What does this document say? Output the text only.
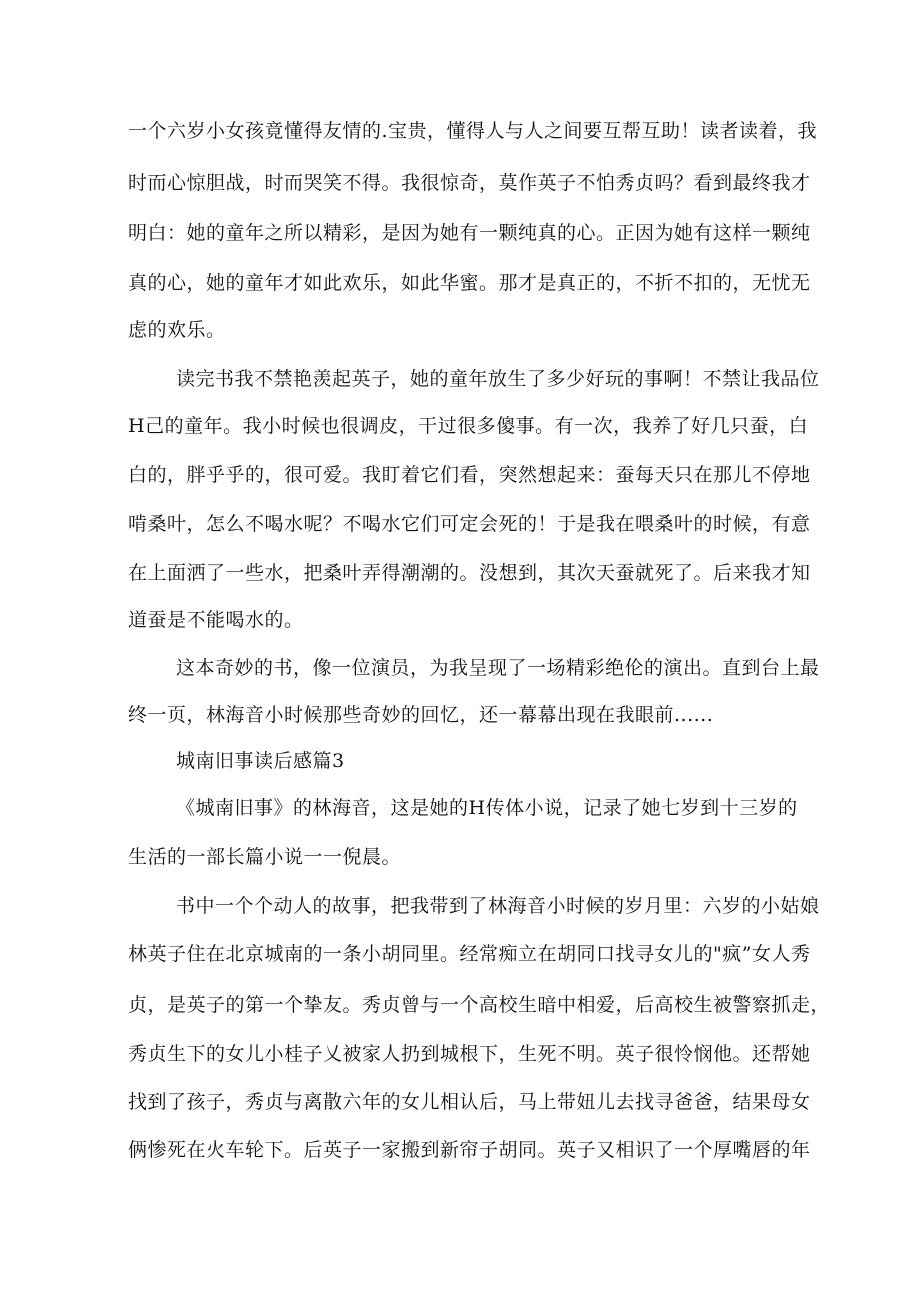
一个六岁小女孩竟懂得友情的.宝贵，懂得人与人之间要互帮互助！读者读着，我
时而心惊胆战，时而哭笑不得。我很惊奇，莫作英子不怕秀贞吗？看到最终我才
明白：她的童年之所以精彩，是因为她有一颗纯真的心。正因为她有这样一颗纯
真的心，她的童年才如此欢乐，如此华蜜。那才是真正的，不折不扣的，无忧无
虑的欢乐。
读完书我不禁艳羡起英子，她的童年放生了多少好玩的事啊！不禁让我品位
H己的童年。我小时候也很调皮，干过很多傻事。有一次，我养了好几只蚕，白
白的，胖乎乎的，很可爱。我盯着它们看，突然想起来：蚕每天只在那儿不停地
啃桑叶，怎么不喝水呢？不喝水它们可定会死的！于是我在喂桑叶的时候，有意
在上面洒了一些水，把桑叶弄得潮潮的。没想到，其次天蚕就死了。后来我才知
道蚕是不能喝水的。
这本奇妙的书，像一位演员，为我呈现了一场精彩绝伦的演出。直到台上最
终一页，林海音小时候那些奇妙的回忆，还一幕幕出现在我眼前......
城南旧事读后感篇3
《城南旧事》的林海音，这是她的H传体小说，记录了她七岁到十三岁的
生活的一部长篇小说一一倪晨。
书中一个个动人的故事，把我带到了林海音小时候的岁月里：六岁的小姑娘
林英子住在北京城南的一条小胡同里。经常痴立在胡同口找寻女儿的"疯”女人秀
贞，是英子的第一个挚友。秀贞曾与一个高校生暗中相爱，后高校生被警察抓走，
秀贞生下的女儿小桂子乂被家人扔到城根下，生死不明。英子很怜悯他。还帮她
找到了孩子，秀贞与离散六年的女儿相认后，马上带妞儿去找寻爸爸，结果母女
俩惨死在火车轮下。后英子一家搬到新帘子胡同。英子又相识了一个厚嘴唇的年
